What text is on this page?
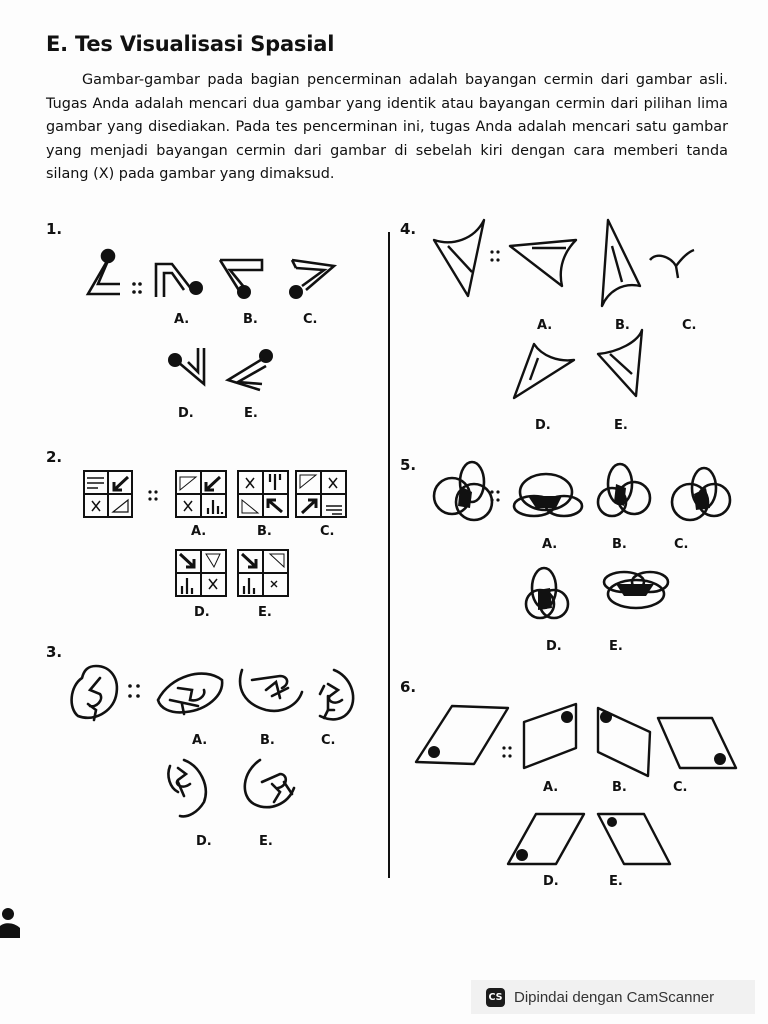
E. Tes Visualisasi Spasial
Gambar-gambar pada bagian pencerminan adalah bayangan cermin dari gambar asli. Tugas Anda adalah mencari dua gambar yang identik atau bayangan cermin dari pilihan lima gambar yang disediakan. Pada tes pencerminan ini, tugas Anda adalah mencari satu gambar yang menjadi bayangan cermin dari gambar di sebelah kiri dengan cara memberi tanda silang (X) pada gambar yang dimaksud.
1.
A.	B.	C.
D.	E.
2.
A.	B.	C.
D.	E.
3.
A.	B.	C.
D.	E.
4.
A.	B.	C.
D.	E.
5.
A.	B.	C.
D.	E.
6.
A.	B.	C.
D.	E.
CS Dipindai dengan CamScanner
